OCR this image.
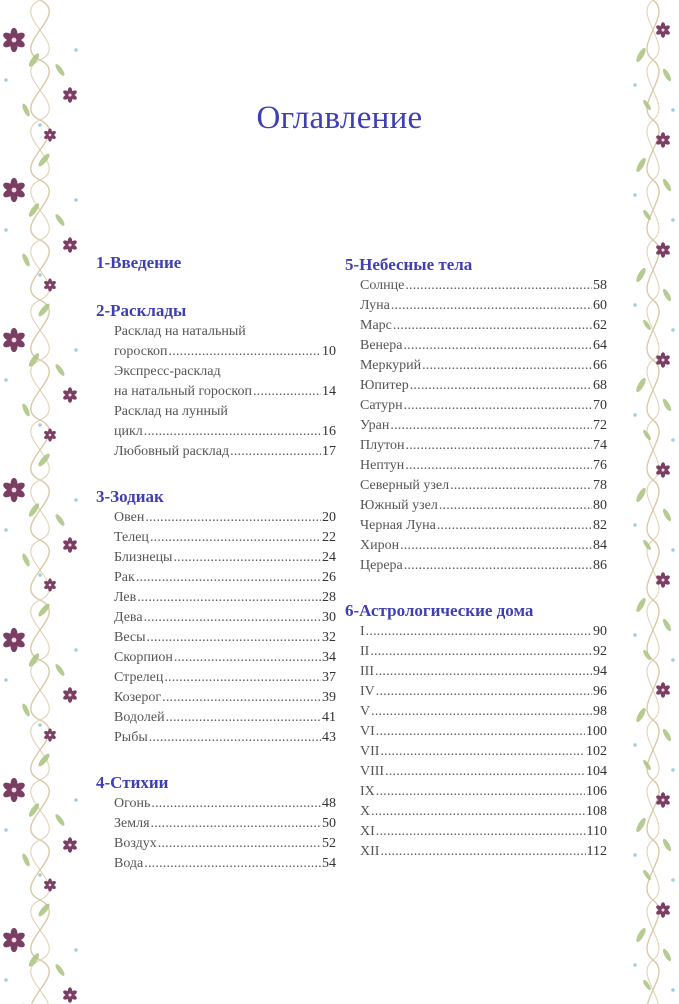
Оглавление
1-Введение
2-Расклады
Расклад на натальный
гороскоп .....	10
Экспресс-расклад
на натальный гороскоп .....	14
Расклад на лунный
цикл .....	16
Любовный расклад .....	17
3-Зодиак
Овен .....	20
Телец .....	22
Близнецы .....	24
Рак .....	26
Лев .....	28
Дева .....	30
Весы .....	32
Скорпион .....	34
Стрелец .....	37
Козерог .....	39
Водолей .....	41
Рыбы .....	43
4-Стихии
Огонь .....	48
Земля .....	50
Воздух .....	52
Вода .....	54
5-Небесные тела
Солнце .....	58
Луна .....	60
Марс .....	62
Венера .....	64
Меркурий .....	66
Юпитер .....	68
Сатурн .....	70
Уран .....	72
Плутон .....	74
Нептун .....	76
Северный узел .....	78
Южный узел .....	80
Черная Луна .....	82
Хирон .....	84
Церера .....	86
6-Астрологические дома
I .....	90
II .....	92
III .....	94
IV .....	96
V .....	98
VI .....	100
VII .....	102
VIII .....	104
IX .....	106
X .....	108
XI .....	110
XII .....	112
